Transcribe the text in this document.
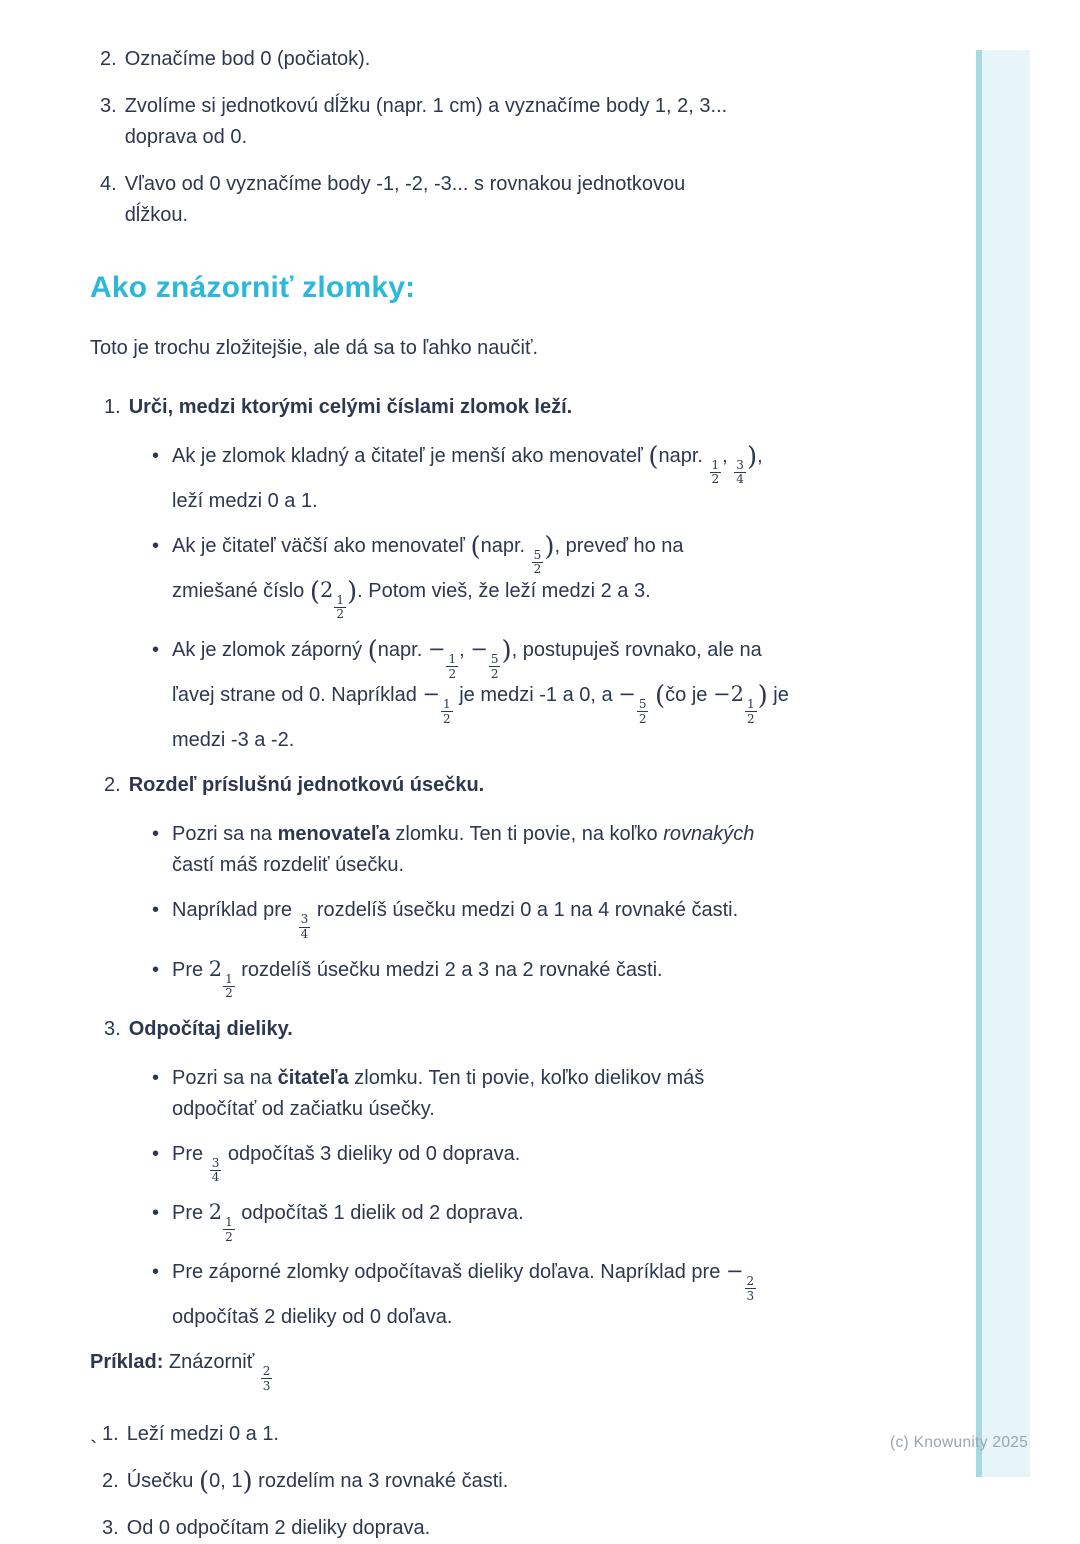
2. Označíme bod 0 (počiatok).
3. Zvolíme si jednotkovú dĺžku (napr. 1 cm) a vyznačíme body 1, 2, 3...
doprava od 0.
4. Vľavo od 0 vyznačíme body -1, -2, -3... s rovnakou jednotkovou
dĺžkou.
Ako znázorniť zlomky:

Toto je trochu zložitejšie, ale dá sa to ľahko naučiť.

1. Urči, medzi ktorými celými číslami zlomok leží.
• Ak je zlomok kladný a čitateľ je menší ako menovateľ (napr.
$\frac{1}{2}$
,
$\frac{3}{4}$
),
leží medzi 0 a 1.
• Ak je čitateľ väčší ako menovateľ (napr.
$\frac{5}{2}$
), preveď ho na
zmiešané číslo (2
$\frac{1}{2}$
). Potom vieš, že leží medzi 2 a 3.
• Ak je zlomok záporný (napr. −
$\frac{1}{2}$
, −
$\frac{5}{2}$
), postupuješ rovnako, ale na
ľavej strane od 0. Napríklad −
$\frac{1}{2}$
je medzi -1 a 0, a −
$\frac{5}{2}$
(čo je −2
$\frac{1}{2}$
) je
medzi -3 a -2.
2. Rozdeľ príslušnú jednotkovú úsečku.
• Pozri sa na menovateľa zlomku. Ten ti povie, na koľko rovnakých
častí máš rozdeliť úsečku.
• Napríklad pre
$\frac{3}{4}$
rozdelíš úsečku medzi 0 a 1 na 4 rovnaké časti.
• Pre 2
$\frac{1}{2}$
rozdelíš úsečku medzi 2 a 3 na 2 rovnaké časti.
3. Odpočítaj dieliky.
• Pozri sa na čitateľa zlomku. Ten ti povie, koľko dielikov máš
odpočítať od začiatku úsečky.
• Pre
$\frac{3}{4}$
odpočítaš 3 dieliky od 0 doprava.
• Pre 2
$\frac{1}{2}$
odpočítaš 1 dielik od 2 doprava.
• Pre záporné zlomky odpočítavaš dieliky doľava. Napríklad pre −
$\frac{2}{3}$

odpočítaš 2 dieliky od 0 doľava.

Príklad: Znázorniť
$\frac{2}{3}$

1. Leží medzi 0 a 1.
2. Úsečku (0, 1) rozdelím na 3 rovnaké časti.
3. Od 0 odpočítam 2 dieliky doprava.
`	(c) Knowunity 2025
